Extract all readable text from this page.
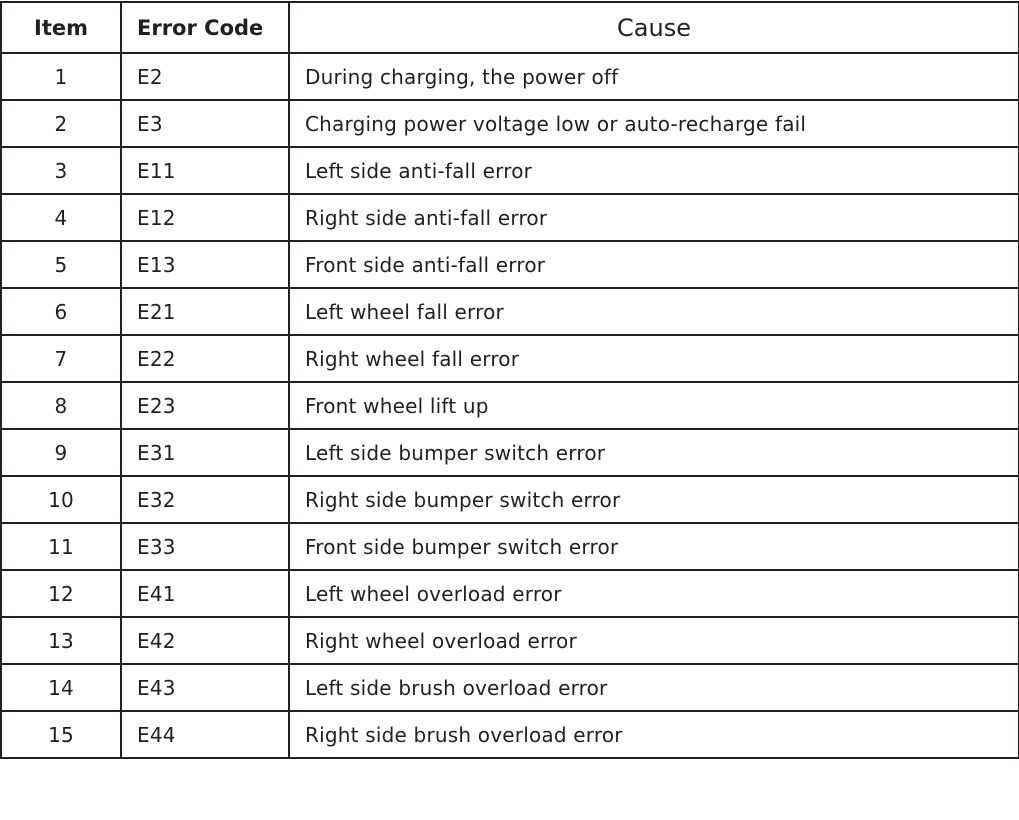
Item	Error Code	Cause
1	E2	During charging, the power off
2	E3	Charging power voltage low or auto-recharge fail
3	E11	Left side anti-fall error
4	E12	Right side anti-fall error
5	E13	Front side anti-fall error
6	E21	Left wheel fall error
7	E22	Right wheel fall error
8	E23	Front wheel lift up
9	E31	Left side bumper switch error
10	E32	Right side bumper switch error
11	E33	Front side bumper switch error
12	E41	Left wheel overload error
13	E42	Right wheel overload error
14	E43	Left side brush overload error
15	E44	Right side brush overload error
